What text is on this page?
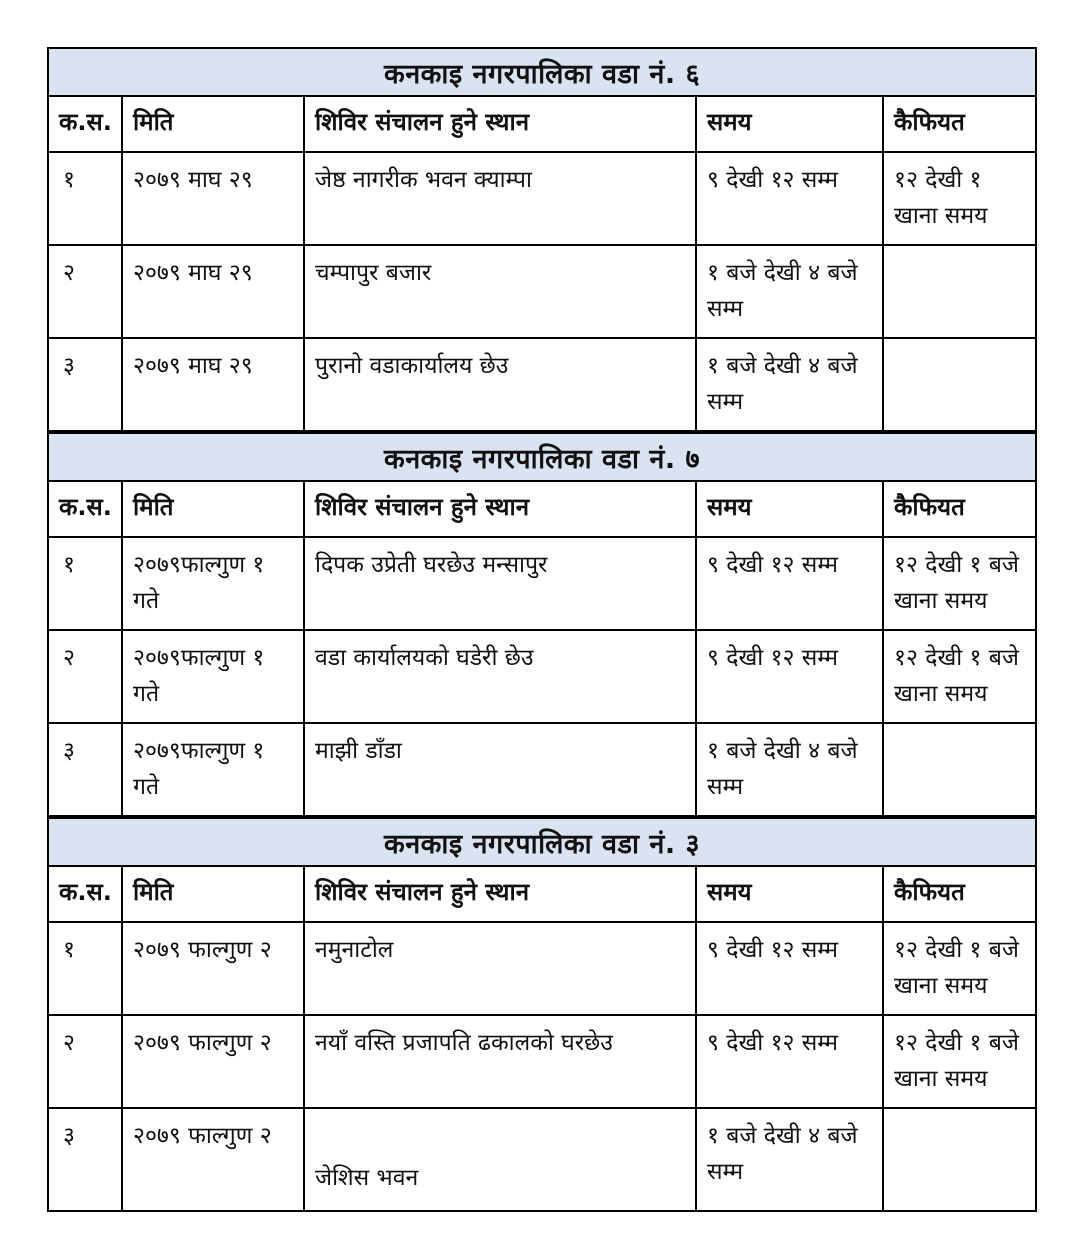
कनकाइ नगरपालिका वडा नं. ६				
क.स.	मिति	शिविर संचालन हुने स्थान	समय	कैफियत
१	२०७९ माघ २९	जेष्ठ नागरीक भवन क्याम्पा	९ देखी १२ सम्म	१२ देखी १ खाना समय
२	२०७९ माघ २९	चम्पापुर बजार	१ बजे देखी ४ बजे सम्म	
३	२०७९ माघ २९	पुरानो वडाकार्यालय छेउ	१ बजे देखी ४ बजे सम्म	
कनकाइ नगरपालिका वडा नं. ७				
क.स.	मिति	शिविर संचालन हुने स्थान	समय	कैफियत
१	२०७९फाल्गुण १ गते	दिपक उप्रेती घरछेउ मन्सापुर	९ देखी १२ सम्म	१२ देखी १ बजे खाना समय
२	२०७९फाल्गुण १ गते	वडा कार्यालयको घडेरी छेउ	९ देखी १२ सम्म	१२ देखी १ बजे खाना समय
३	२०७९फाल्गुण १ गते	माझी डाँडा	१ बजे देखी ४ बजे सम्म	
कनकाइ नगरपालिका वडा नं. ३				
क.स.	मिति	शिविर संचालन हुने स्थान	समय	कैफियत
१	२०७९ फाल्गुण २	नमुनाटोल	९ देखी १२ सम्म	१२ देखी १ बजे खाना समय
२	२०७९ फाल्गुण २	नयाँ वस्ति प्रजापति ढकालको घरछेउ	९ देखी १२ सम्म	१२ देखी १ बजे खाना समय
३	२०७९ फाल्गुण २	जेशिस भवन	१ बजे देखी ४ बजे सम्म	
